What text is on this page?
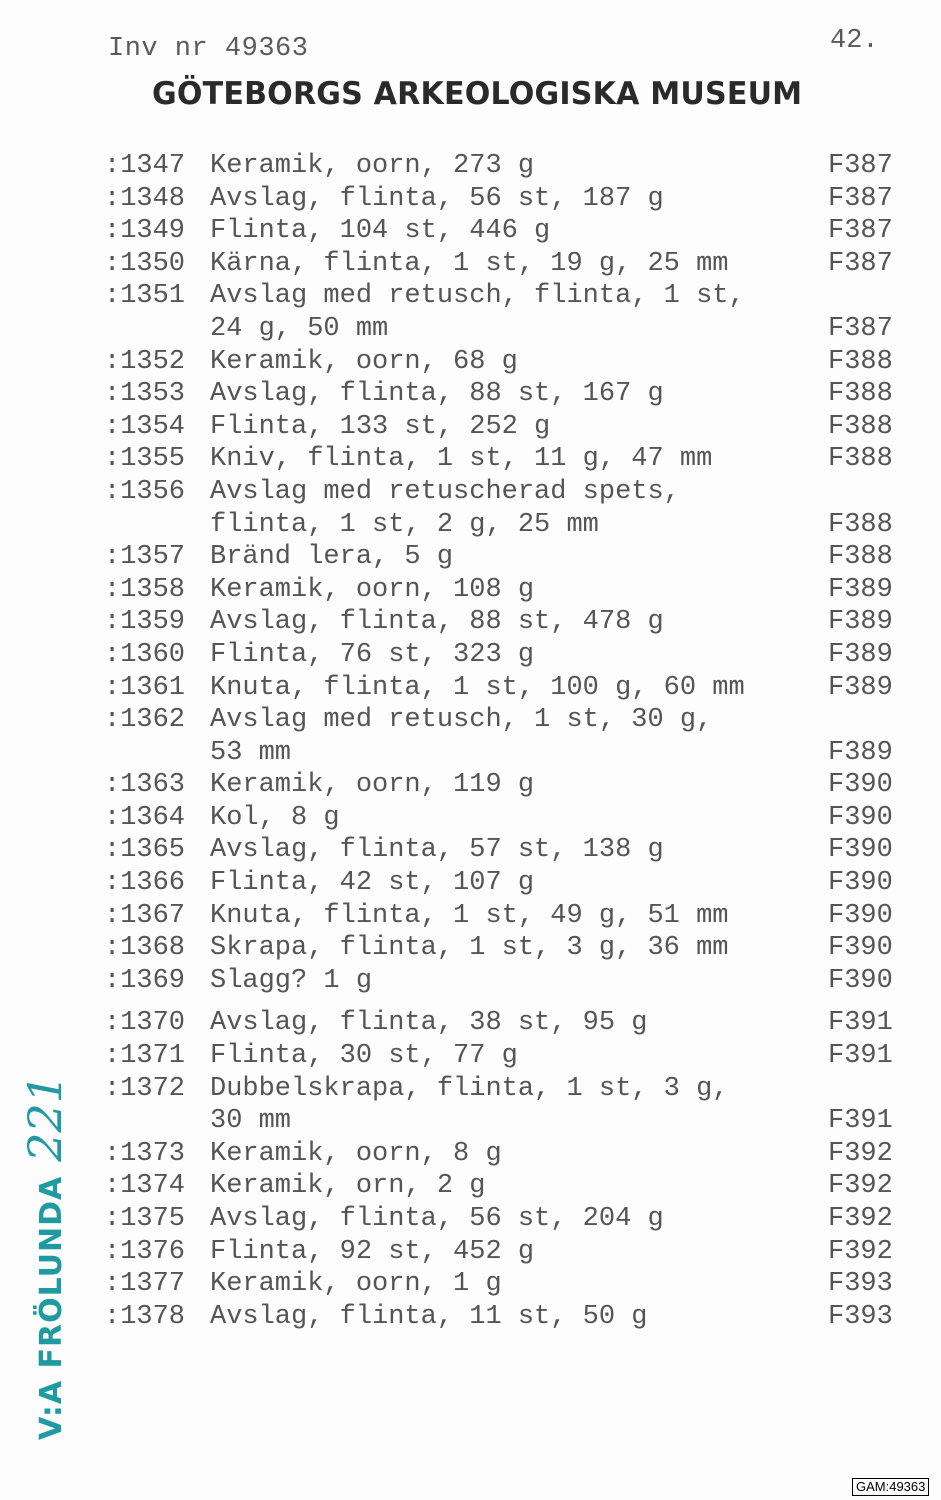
Inv nr 49363	42.
GÖTEBORGS ARKEOLOGISKA MUSEUM
:1347 Keramik, oorn, 273 g	F387
:1348 Avslag, flinta, 56 st, 187 g	F387
:1349 Flinta, 104 st, 446 g	F387
:1350 Kärna, flinta, 1 st, 19 g, 25 mm	F387
:1351 Avslag med retusch, flinta, 1 st,
24 g, 50 mm	F387
:1352 Keramik, oorn, 68 g	F388
:1353 Avslag, flinta, 88 st, 167 g	F388
:1354 Flinta, 133 st, 252 g	F388
:1355 Kniv, flinta, 1 st, 11 g, 47 mm	F388
:1356 Avslag med retuscherad spets,
flinta, 1 st, 2 g, 25 mm	F388
:1357 Bränd lera, 5 g	F388
:1358 Keramik, oorn, 108 g	F389
:1359 Avslag, flinta, 88 st, 478 g	F389
:1360 Flinta, 76 st, 323 g	F389
:1361 Knuta, flinta, 1 st, 100 g, 60 mm	F389
:1362 Avslag med retusch, 1 st, 30 g,
53 mm	F389
:1363 Keramik, oorn, 119 g	F390
:1364 Kol, 8 g	F390
:1365 Avslag, flinta, 57 st, 138 g	F390
:1366 Flinta, 42 st, 107 g	F390
:1367 Knuta, flinta, 1 st, 49 g, 51 mm	F390
:1368 Skrapa, flinta, 1 st, 3 g, 36 mm	F390
:1369 Slagg? 1 g	F390
:1370 Avslag, flinta, 38 st, 95 g	F391
:1371 Flinta, 30 st, 77 g	F391
:1372 Dubbelskrapa, flinta, 1 st, 3 g,
30 mm	F391
:1373 Keramik, oorn, 8 g	F392
:1374 Keramik, orn, 2 g	F392
:1375 Avslag, flinta, 56 st, 204 g	F392
:1376 Flinta, 92 st, 452 g	F392
:1377 Keramik, oorn, 1 g	F393
:1378 Avslag, flinta, 11 st, 50 g	F393
V:A FRÖLUNDA221
GAM:49363
